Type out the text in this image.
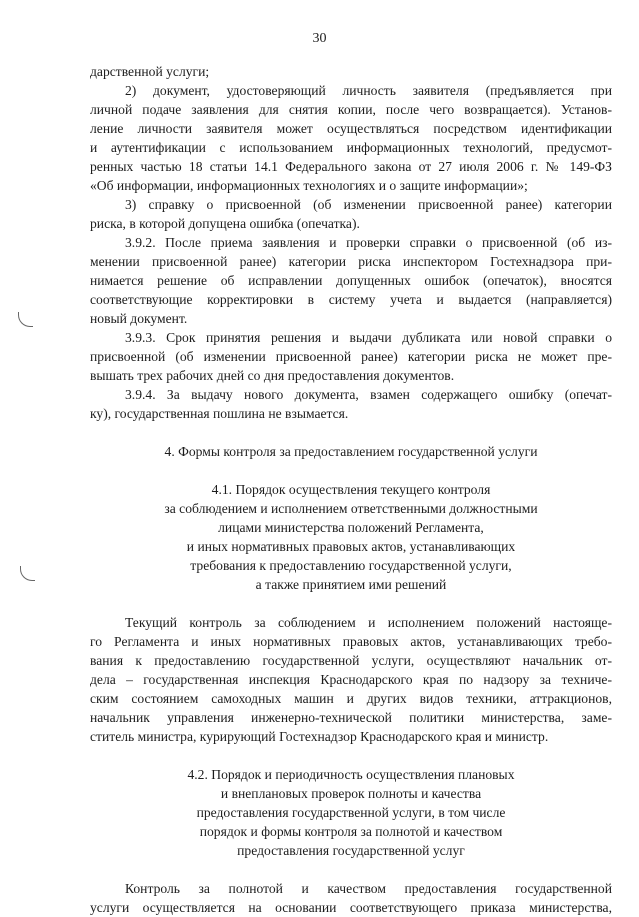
30
дарственной услуги;
2) документ, удостоверяющий личность заявителя (предъявляется при
личной подаче заявления для снятия копии, после чего возвращается). Установ-
ление личности заявителя может осуществляться посредством идентификации
и аутентификации с использованием информационных технологий, предусмот-
ренных частью 18 статьи 14.1 Федерального закона от 27 июля 2006 г. № 149-ФЗ
«Об информации, информационных технологиях и о защите информации»;
3) справку о присвоенной (об изменении присвоенной ранее) категории
риска, в которой допущена ошибка (опечатка).
3.9.2. После приема заявления и проверки справки о присвоенной (об из-
менении присвоенной ранее) категории риска инспектором Гостехнадзора при-
нимается решение об исправлении допущенных ошибок (опечаток), вносятся
соответствующие корректировки в систему учета и выдается (направляется)
новый документ.
3.9.3. Срок принятия решения и выдачи дубликата или новой справки о
присвоенной (об изменении присвоенной ранее) категории риска не может пре-
вышать трех рабочих дней со дня предоставления документов.
3.9.4. За выдачу нового документа, взамен содержащего ошибку (опечат-
ку), государственная пошлина не взымается.
4. Формы контроля за предоставлением государственной услуги
4.1. Порядок осуществления текущего контроля
за соблюдением и исполнением ответственными должностными
лицами министерства положений Регламента,
и иных нормативных правовых актов, устанавливающих
требования к предоставлению государственной услуги,
а также принятием ими решений
Текущий контроль за соблюдением и исполнением положений настояще-
го Регламента и иных нормативных правовых актов, устанавливающих требо-
вания к предоставлению государственной услуги, осуществляют начальник от-
дела – государственная инспекция Краснодарского края по надзору за техниче-
ским состоянием самоходных машин и других видов техники, аттракционов,
начальник управления инженерно-технической политики министерства, заме-
ститель министра, курирующий Гостехнадзор Краснодарского края и министр.
4.2. Порядок и периодичность осуществления плановых
и внеплановых проверок полноты и качества
предоставления государственной услуги, в том числе
порядок и формы контроля за полнотой и качеством
предоставления государственной услуг
Контроль за полнотой и качеством предоставления государственной
услуги осуществляется на основании соответствующего приказа министерства,
